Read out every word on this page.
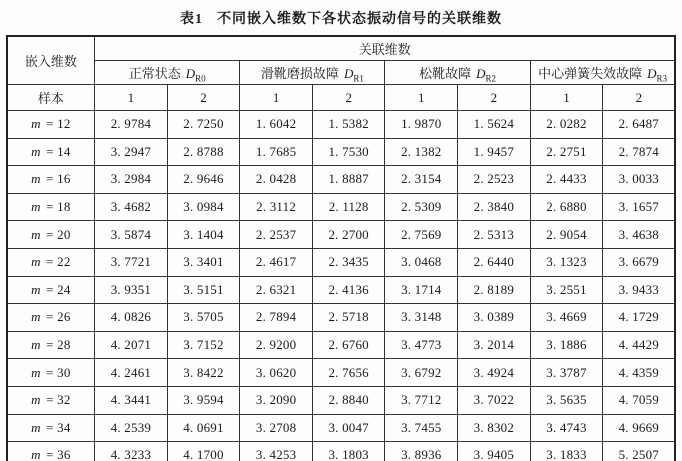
表1 不同嵌入维数下各状态振动信号的关联维数
嵌入维数	关联维数							
	正常状态 $D_{R0}$		滑靴磨损故障 $D_{R1}$		松靴故障 $D_{R2}$		中心弹簧失效故障 $D_{R3}$
样本	1	2	1	2	1	2	1	2
m = 12	2. 9784	2. 7250	1. 6042	1. 5382	1. 9870	1. 5624	2. 0282	2. 6487
m = 14	3. 2947	2. 8788	1. 7685	1. 7530	2. 1382	1. 9457	2. 2751	2. 7874
m = 16	3. 2984	2. 9646	2. 0428	1. 8887	2. 3154	2. 2523	2. 4433	3. 0033
m = 18	3. 4682	3. 0984	2. 3112	2. 1128	2. 5309	2. 3840	2. 6880	3. 1657
m = 20	3. 5874	3. 1404	2. 2537	2. 2700	2. 7569	2. 5313	2. 9054	3. 4638
m = 22	3. 7721	3. 3401	2. 4617	2. 3435	3. 0468	2. 6440	3. 1323	3. 6679
m = 24	3. 9351	3. 5151	2. 6321	2. 4136	3. 1714	2. 8189	3. 2551	3. 9433
m = 26	4. 0826	3. 5705	2. 7894	2. 5718	3. 3148	3. 0389	3. 4669	4. 1729
m = 28	4. 2071	3. 7152	2. 9200	2. 6760	3. 4773	3. 2014	3. 1886	4. 4429
m = 30	4. 2461	3. 8422	3. 0620	2. 7656	3. 6792	3. 4924	3. 3787	4. 4359
m = 32	4. 3441	3. 9594	3. 2090	2. 8840	3. 7712	3. 7022	3. 5635	4. 7059
m = 34	4. 2539	4. 0691	3. 2708	3. 0047	3. 7455	3. 8302	3. 4743	4. 9669
m = 36	4. 3233	4. 1700	3. 4253	3. 1803	3. 8936	3. 9405	3. 1833	5. 2507
